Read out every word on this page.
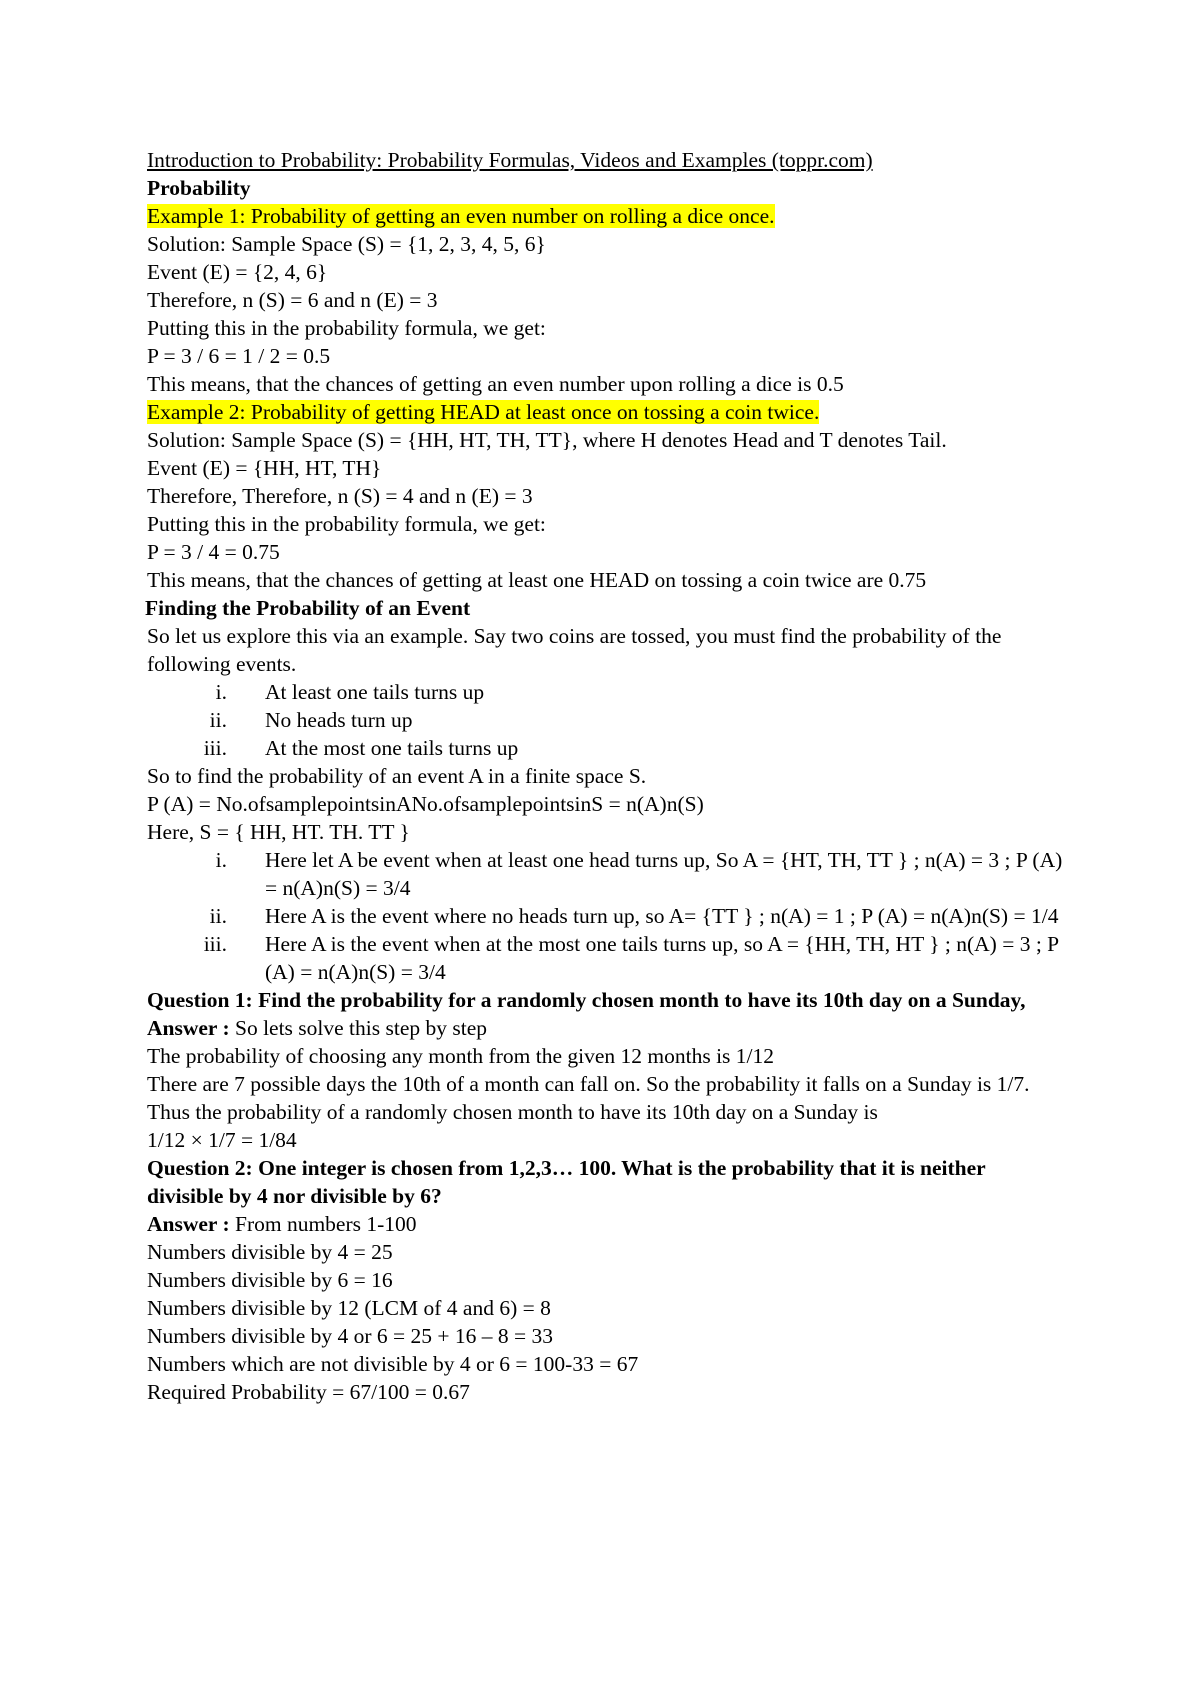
Introduction to Probability: Probability Formulas, Videos and Examples (toppr.com)
Probability
Example 1: Probability of getting an even number on rolling a dice once.
Solution: Sample Space (S) = {1, 2, 3, 4, 5, 6}
Event (E) = {2, 4, 6}
Therefore, n (S) = 6 and n (E) = 3
Putting this in the probability formula, we get:
P = 3 / 6 = 1 / 2 = 0.5
This means, that the chances of getting an even number upon rolling a dice is 0.5
Example 2: Probability of getting HEAD at least once on tossing a coin twice.
Solution: Sample Space (S) = {HH, HT, TH, TT}, where H denotes Head and T denotes Tail.
Event (E) = {HH, HT, TH}
Therefore, Therefore, n (S) = 4 and n (E) = 3
Putting this in the probability formula, we get:
P = 3 / 4 = 0.75
This means, that the chances of getting at least one HEAD on tossing a coin twice are 0.75
Finding the Probability of an Event
So let us explore this via an example. Say two coins are tossed, you must find the probability of the following events.
i. At least one tails turns up
ii. No heads turn up
iii. At the most one tails turns up
So to find the probability of an event A in a finite space S.
P (A) = No.ofsamplepointsinANo.ofsamplepointsinS = n(A)n(S)
Here, S = { HH, HT. TH. TT }
i. Here let A be event when at least one head turns up, So A = {HT, TH, TT } ; n(A) = 3 ; P (A) = n(A)n(S) = 3/4
ii. Here A is the event where no heads turn up, so A= {TT } ; n(A) = 1 ; P (A) = n(A)n(S) = 1/4
iii. Here A is the event when at the most one tails turns up, so A = {HH, TH, HT } ; n(A) = 3 ; P (A) = n(A)n(S) = 3/4
Question 1: Find the probability for a randomly chosen month to have its 10th day on a Sunday,
Answer : So lets solve this step by step
The probability of choosing any month from the given 12 months is 1/12
There are 7 possible days the 10th of a month can fall on. So the probability it falls on a Sunday is 1/7.
Thus the probability of a randomly chosen month to have its 10th day on a Sunday is
1/12 × 1/7 = 1/84
Question 2: One integer is chosen from 1,2,3… 100. What is the probability that it is neither divisible by 4 nor divisible by 6?
Answer : From numbers 1-100
Numbers divisible by 4 = 25
Numbers divisible by 6 = 16
Numbers divisible by 12 (LCM of 4 and 6) = 8
Numbers divisible by 4 or 6 = 25 + 16 – 8 = 33
Numbers which are not divisible by 4 or 6 = 100-33 = 67
Required Probability = 67/100 = 0.67
